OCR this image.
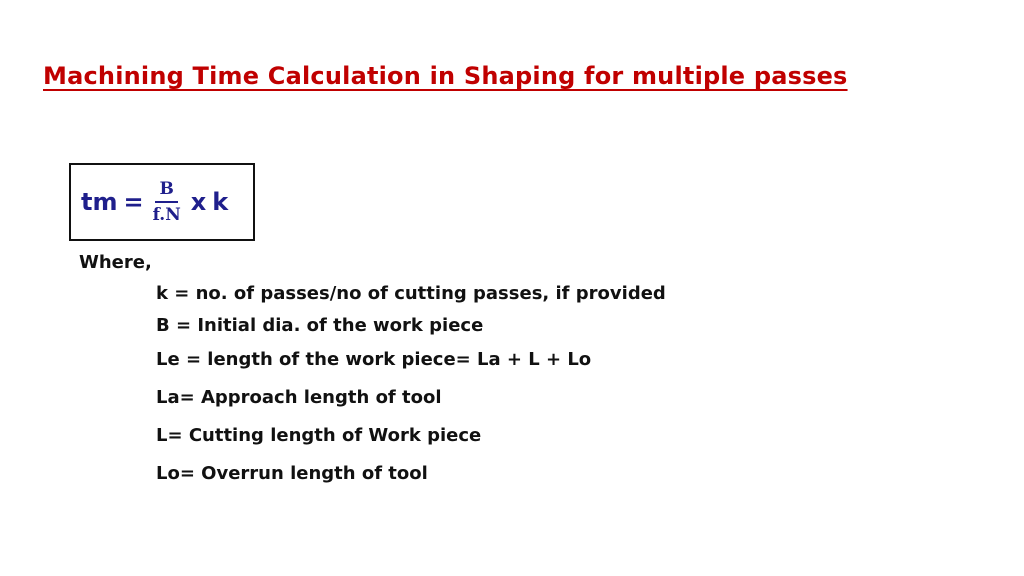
Machining Time Calculation in Shaping for multiple passes
tm = $\frac{B}{f.N}$ x k
Where,
k = no. of passes/no of cutting passes, if provided
B = Initial dia. of the work piece
Le = length of the work piece= La + L + Lo
La= Approach length of tool
L= Cutting length of Work piece
Lo= Overrun length of tool
